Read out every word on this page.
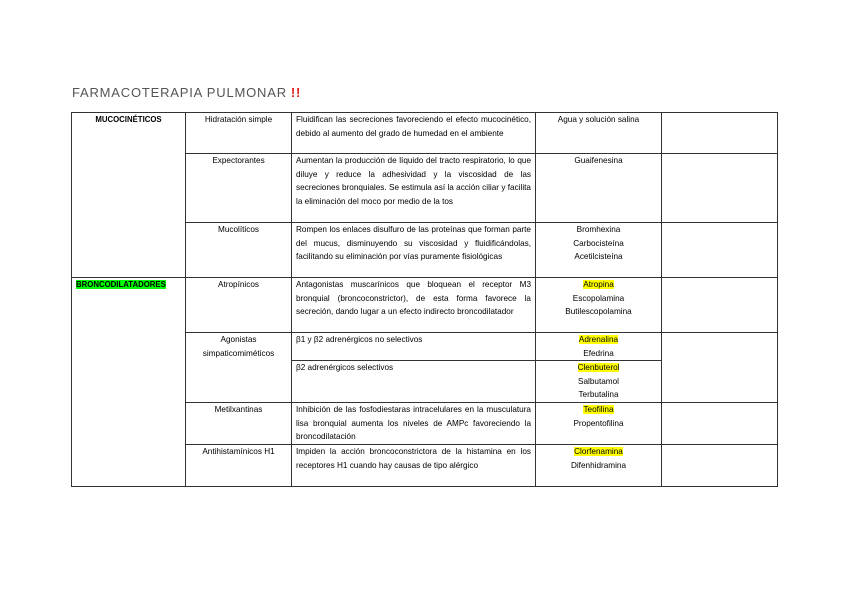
FARMACOTERAPIA PULMONAR !!
MUCOCINÉTICOS	Hidratación simple	Fluidifican las secreciones favoreciendo el efecto mucocinético, debido al aumento del grado de humedad en el ambiente	Agua y solución salina	

	Expectorantes	Aumentan la producción de líquido del tracto respiratorio, lo que diluye y reduce la adhesividad y la viscosidad de las secreciones bronquiales. Se estimula así la acción ciliar y facilita la eliminación del moco por medio de la tos	Guaifenesina	

	Mucolíticos	Rompen los enlaces disulfuro de las proteínas que forman parte del mucus, disminuyendo su viscosidad y fluidificándolas, facilitando su eliminación por vías puramente fisiológicas	Bromhexina
Carbocisteína
Acetilcisteína	

BRONCODILATADORES	Atropínicos	Antagonistas muscarínicos que bloquean el receptor M3 bronquial (broncoconstrictor), de esta forma favorece la secreción, dando lugar a un efecto indirecto broncodilatador	Atropina
Escopolamina
Butilescopolamina	

	Agonistas simpaticomiméticos	β1 y β2 adrenérgicos no selectivos	Adrenalina
Efedrina	

		β2 adrenérgicos selectivos	Clenbuterol
Salbutamol
Terbutalina	

	Metilxantinas	Inhibición de las fosfodiestaras intracelulares en la musculatura lisa bronquial aumenta los niveles de AMPc favoreciendo la broncodilatación	Teofilina
Propentofilina	

	Antihistamínicos H1	Impiden la acción broncoconstrictora de la histamina en los receptores H1 cuando hay causas de tipo alérgico	Clorfenamina
Difenhidramina	
